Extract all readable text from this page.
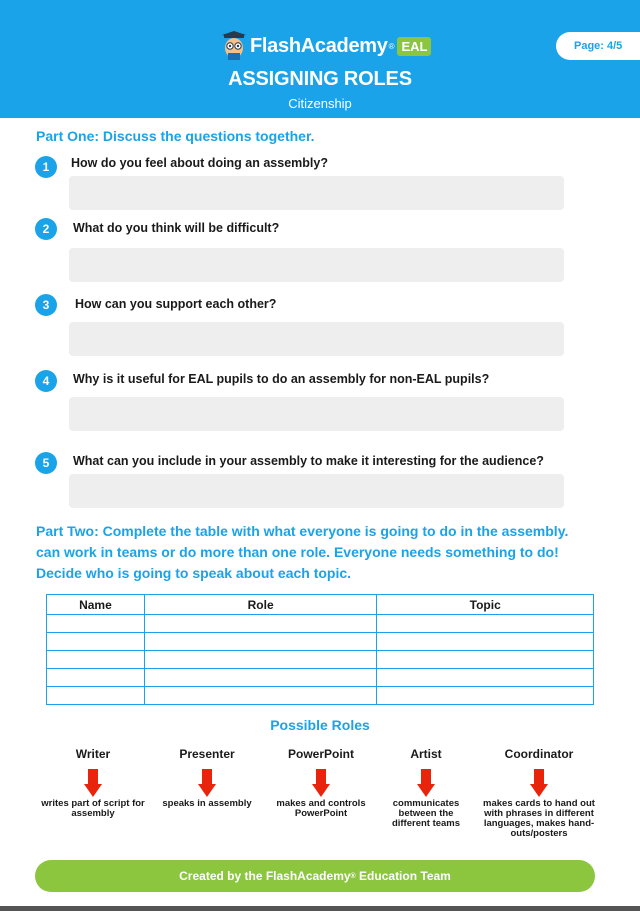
FlashAcademy ® EAL	Page: 4/5
ASSIGNING ROLES
Citizenship
Part One: Discuss the questions together.
1	How do you feel about doing an assembly?
2	What do you think will be difficult?
3	How can you support each other?
4	Why is it useful for EAL pupils to do an assembly for non-EAL pupils?
5	What can you include in your assembly to make it interesting for the audience?
Part Two: Complete the table with what everyone is going to do in the assembly. can work in teams or do more than one role. Everyone needs something to do! Decide who is going to speak about each topic.
Name	Role	Topic

Possible Roles
Writer
writes part of script for assembly
Presenter
speaks in assembly
PowerPoint
makes and controls PowerPoint
Artist
communicates between the different teams
Coordinator
makes cards to hand out with phrases in different languages, makes hand-outs/posters
Created by the FlashAcademy ® Education Team
